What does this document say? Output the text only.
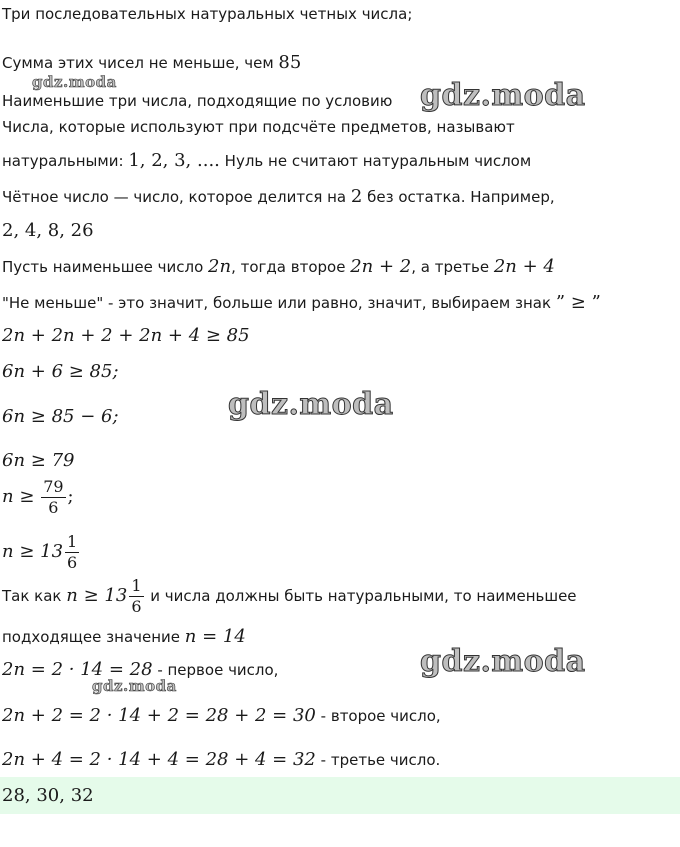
Три последовательных натуральных четных числа;
Сумма этих чисел не меньше, чем 85
Наименьшие три числа, подходящие по условию
Числа, которые используют при подсчёте предметов, называют
натуральными: 1, 2, 3, .... Нуль не считают натуральным числом
Чётное число — число, которое делится на 2 без остатка. Например,
2, 4, 8, 26
Пусть наименьшее число 2n, тогда второе 2n + 2, а третье 2n + 4
"Не меньше" - это значит, больше или равно, значит, выбираем знак ” ≥ ”
2n + 2n + 2 + 2n + 4 ≥ 85
6n + 6 ≥ 85;
6n ≥ 85 − 6;
6n ≥ 79
$n \ge \frac{79}{6}$ ;
$n \ge 13 \frac{1}{6}$
Так как $n \ge 13 \frac{1}{6}$ и числа должны быть натуральными, то наименьшее
подходящее значение n = 14
2n = 2 · 14 = 28 - первое число,
2n + 2 = 2 · 14 + 2 = 28 + 2 = 30 - второе число,
2n + 4 = 2 · 14 + 4 = 28 + 4 = 32 - третье число.
28, 30, 32
gdz.moda	gdz.moda
gdz.moda
gdz.moda
gdz.moda
